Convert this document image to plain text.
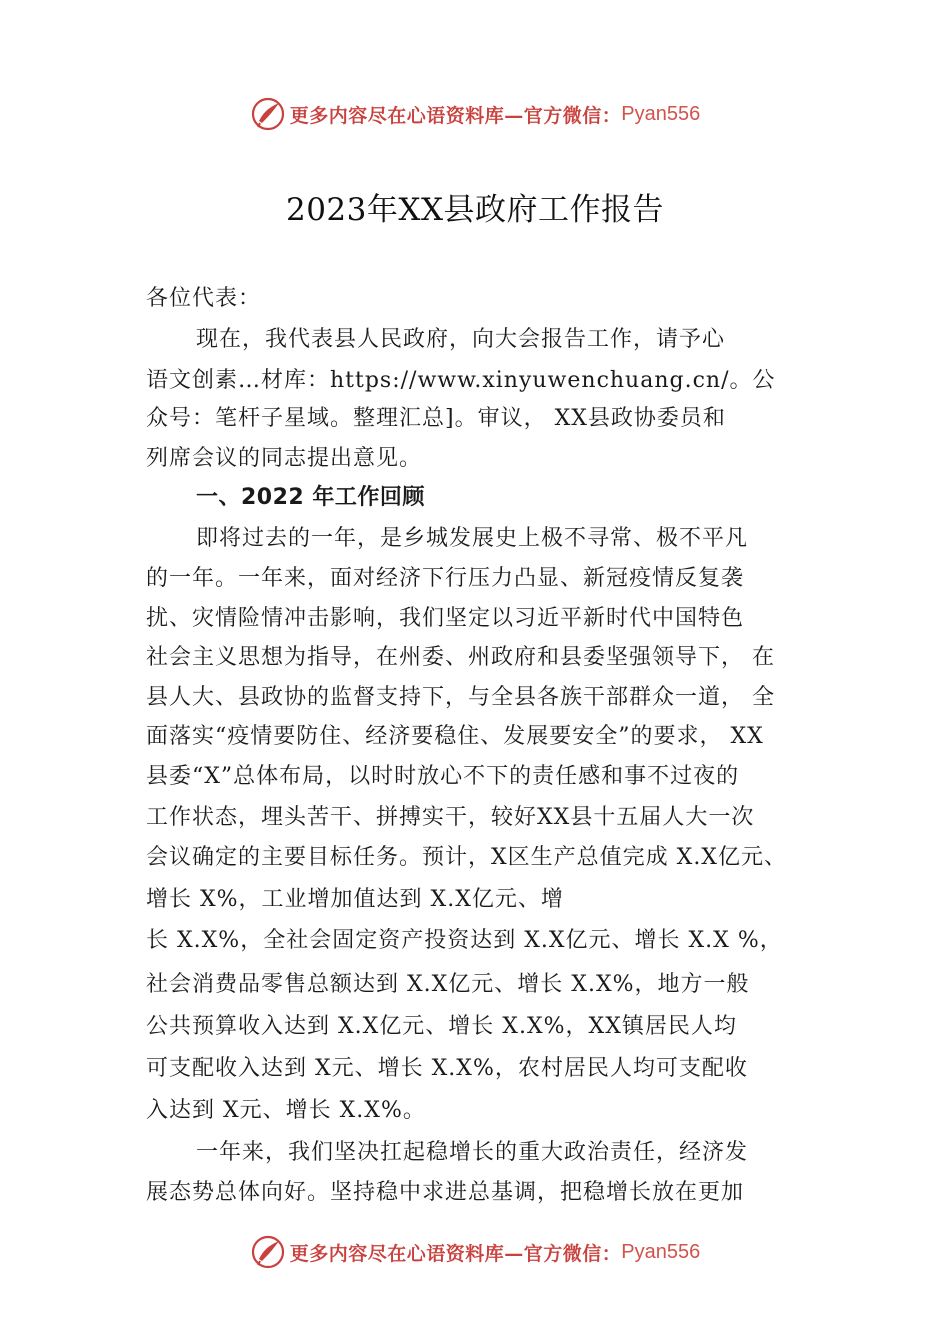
更多内容尽在心语资料库—官方微信： Pyan556
2023年XX县政府工作报告
各位代表：
现在，我代表县人民政府，向大会报告工作，请予心
语文创素…材库：https://www.xinyuwenchuang.cn/。公
众号：笔杆子星域。整理汇总]。审议， XX县政协委员和
列席会议的同志提出意见。
一、2022 年工作回顾
即将过去的一年，是乡城发展史上极不寻常、极不平凡
的一年。一年来，面对经济下行压力凸显、新冠疫情反复袭
扰、灾情险情冲击影响，我们坚定以习近平新时代中国特色
社会主义思想为指导，在州委、州政府和县委坚强领导下， 在
县人大、县政协的监督支持下，与全县各族干部群众一道， 全
面落实“疫情要防住、经济要稳住、发展要安全”的要求， XX
县委“X”总体布局，以时时放心不下的责任感和事不过夜的
工作状态，埋头苦干、拼搏实干，较好XX县十五届人大一次
会议确定的主要目标任务。预计，X区生产总值完成 X.X亿元、
增长 X%，工业增加值达到 X.X亿元、增
长 X.X%，全社会固定资产投资达到 X.X亿元、增长 X.X %，
社会消费品零售总额达到 X.X亿元、增长 X.X%，地方一般
公共预算收入达到 X.X亿元、增长 X.X%，XX镇居民人均
可支配收入达到 X元、增长 X.X%，农村居民人均可支配收
入达到 X元、增长 X.X%。
一年来，我们坚决扛起稳增长的重大政治责任，经济发
展态势总体向好。坚持稳中求进总基调，把稳增长放在更加
更多内容尽在心语资料库—官方微信： Pyan556
